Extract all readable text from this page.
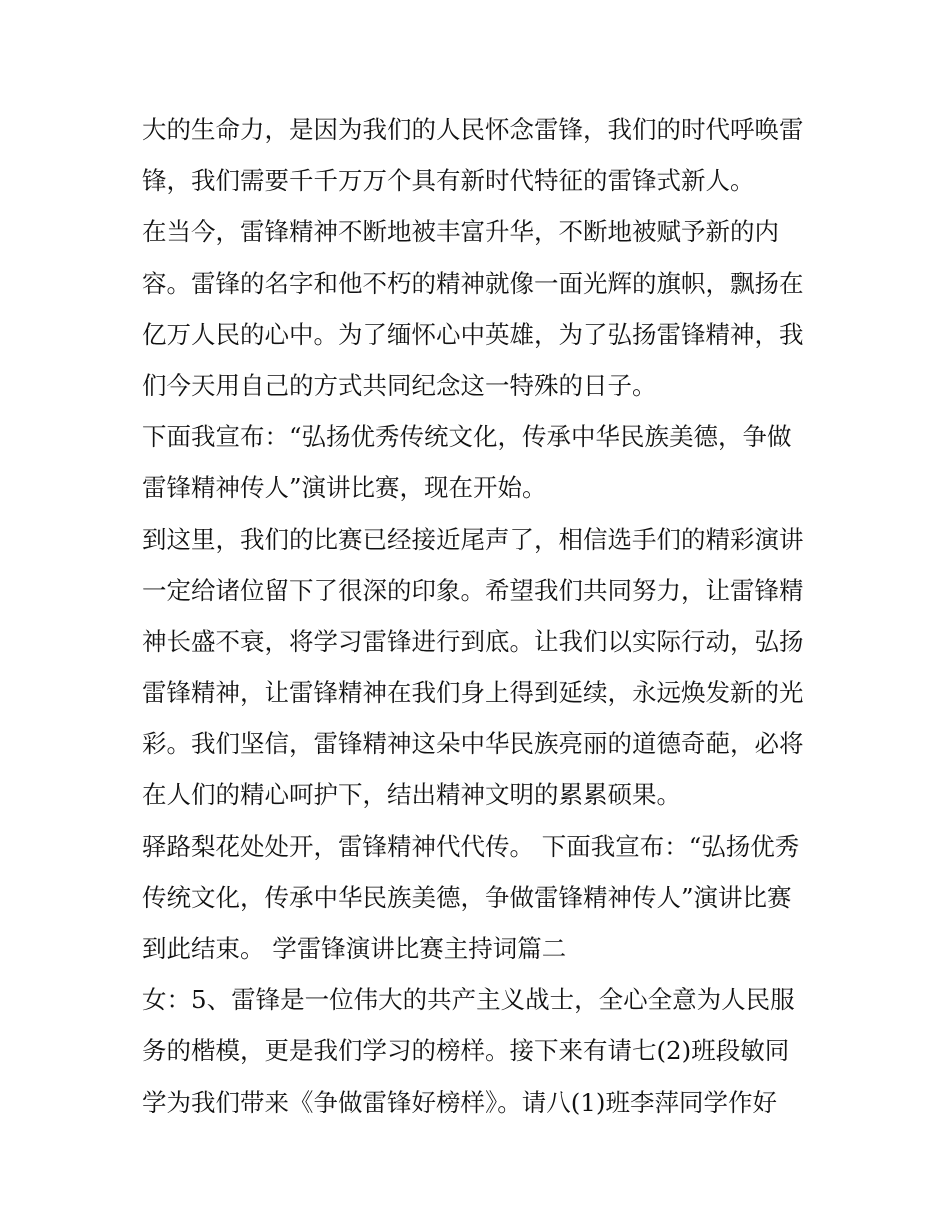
大的生命力，是因为我们的人民怀念雷锋，我们的时代呼唤雷
锋，我们需要千千万万个具有新时代特征的雷锋式新人。
在当今，雷锋精神不断地被丰富升华，不断地被赋予新的内
容。雷锋的名字和他不朽的精神就像一面光辉的旗帜，飘扬在
亿万人民的心中。为了缅怀心中英雄，为了弘扬雷锋精神，我
们今天用自己的方式共同纪念这一特殊的日子。
下面我宣布：“弘扬优秀传统文化，传承中华民族美德，争做
雷锋精神传人”演讲比赛，现在开始。
到这里，我们的比赛已经接近尾声了，相信选手们的精彩演讲
一定给诸位留下了很深的印象。希望我们共同努力，让雷锋精
神长盛不衰，将学习雷锋进行到底。让我们以实际行动，弘扬
雷锋精神，让雷锋精神在我们身上得到延续，永远焕发新的光
彩。我们坚信，雷锋精神这朵中华民族亮丽的道德奇葩，必将
在人们的精心呵护下，结出精神文明的累累硕果。
驿路梨花处处开，雷锋精神代代传。 下面我宣布：“弘扬优秀
传统文化，传承中华民族美德，争做雷锋精神传人”演讲比赛
到此结束。 学雷锋演讲比赛主持词篇二
女：5、雷锋是一位伟大的共产主义战士，全心全意为人民服
务的楷模，更是我们学习的榜样。接下来有请七(2)班段敏同
学为我们带来《争做雷锋好榜样》。请八(1)班李萍同学作好
